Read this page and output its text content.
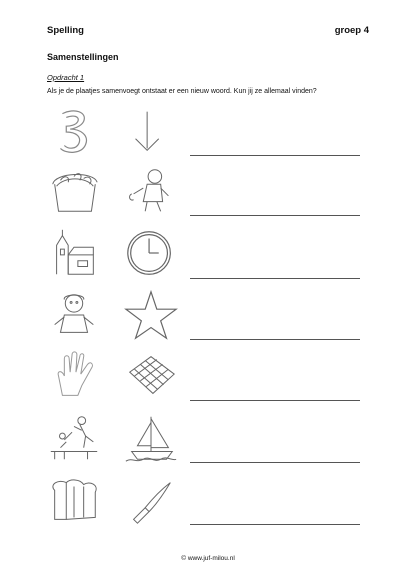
Spelling	groep 4
Samenstellingen
Opdracht 1
Als je de plaatjes samenvoegt ontstaat er een nieuw woord. Kun jij ze allemaal vinden?
© www.juf-milou.nl
